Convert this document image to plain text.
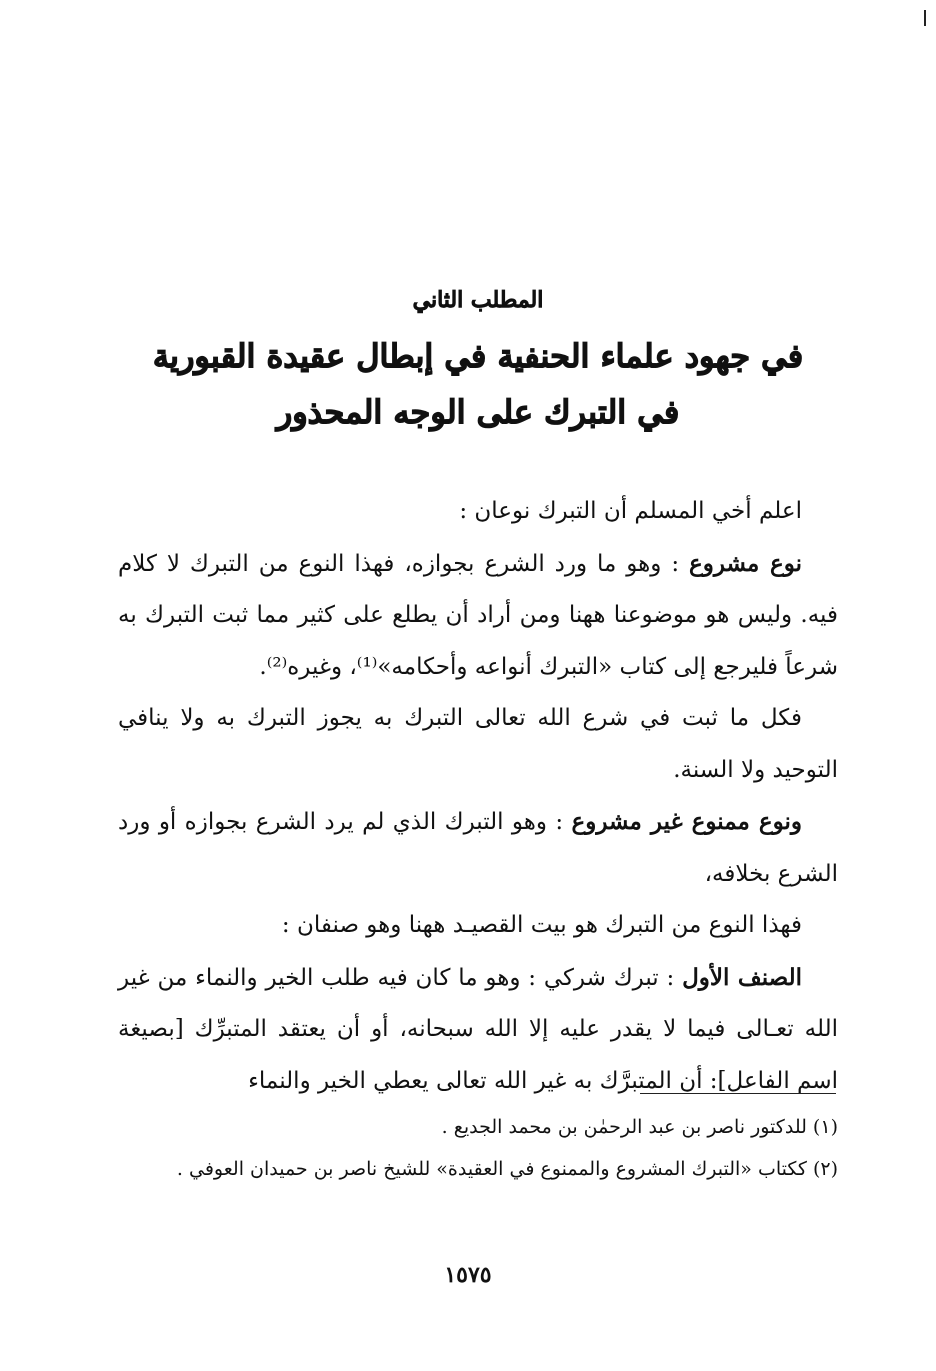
المطلب الثاني

في جهود علماء الحنفية في إبطال عقيدة القبورية

في التبرك على الوجه المحذور

اعلم أخي المسلم أن التبرك نوعان :

نوع مشروع : وهو ما ورد الشرع بجوازه، فهذا النوع من التبرك لا كلام فيه. وليس هو موضوعنا ههنا ومن أراد أن يطلع على كثير مما ثبت التبرك به شرعاً فليرجع إلى كتاب «التبرك أنواعه وأحكامه»⁽¹⁾، وغيره⁽²⁾.

فكل ما ثبت في شرع الله تعالى التبرك به يجوز التبرك به ولا ينافي التوحيد ولا السنة.

ونوع ممنوع غير مشروع : وهو التبرك الذي لم يرد الشرع بجوازه أو ورد الشرع بخلافه،

فهذا النوع من التبرك هو بيت القصيـد ههنا وهو صنفان :

الصنف الأول : تبرك شركي : وهو ما كان فيه طلب الخير والنماء من غير الله تعـالى فيما لا يقدر عليه إلا الله سبحانه، أو أن يعتقد المتبرِّك [بصيغة اسم الفاعل]: أن المتبرَّك به غير الله تعالى يعطي الخير والنماء

(١) للدكتور ناصر بن عبد الرحمٰن بن محمد الجديع .

(٢) ككتاب «التبرك المشروع والممنوع في العقيدة» للشيخ ناصر بن حميدان العوفي .

١٥٧٥
